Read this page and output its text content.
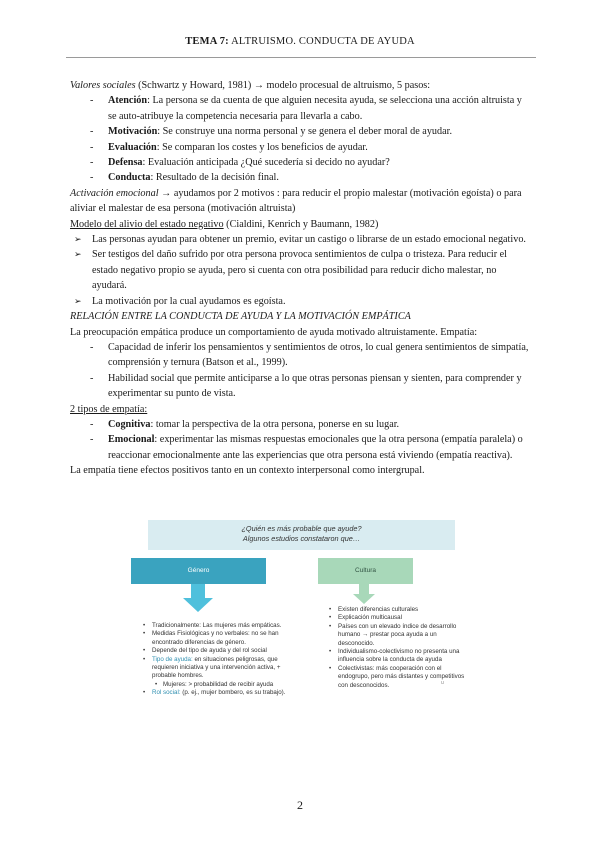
TEMA 7: ALTRUISMO. CONDUCTA DE AYUDA

Valores sociales (Schwartz y Howard, 1981) → modelo procesual de altruismo, 5 pasos:

- Atención: La persona se da cuenta de que alguien necesita ayuda, se selecciona una acción altruista y se auto-atribuye la competencia necesaria para llevarla a cabo.
- Motivación: Se construye una norma personal y se genera el deber moral de ayudar.
- Evaluación: Se comparan los costes y los beneficios de ayudar.
- Defensa: Evaluación anticipada ¿Qué sucedería si decido no ayudar?
- Conducta: Resultado de la decisión final.

Activación emocional → ayudamos por 2 motivos : para reducir el propio malestar (motivación egoísta) o para aliviar el malestar de esa persona (motivación altruista)

Modelo del alivio del estado negativo (Cialdini, Kenrich y Baumann, 1982)

➢ Las personas ayudan para obtener un premio, evitar un castigo o librarse de un estado emocional negativo.
➢ Ser testigos del daño sufrido por otra persona provoca sentimientos de culpa o tristeza. Para reducir el estado negativo propio se ayuda, pero si cuenta con otra posibilidad para reducir dicho malestar, no ayudará.
➢ La motivación por la cual ayudamos es egoísta.

RELACIÓN ENTRE LA CONDUCTA DE AYUDA Y LA MOTIVACIÓN EMPÁTICA

La preocupación empática produce un comportamiento de ayuda motivado altruistamente. Empatía:

- Capacidad de inferir los pensamientos y sentimientos de otros, lo cual genera sentimientos de simpatía, comprensión y ternura (Batson et al., 1999).
- Habilidad social que permite anticiparse a lo que otras personas piensan y sienten, para comprender y experimentar su punto de vista.

2 tipos de empatía:

- Cognitiva: tomar la perspectiva de la otra persona, ponerse en su lugar.
- Emocional: experimentar las mismas respuestas emocionales que la otra persona (empatía paralela) o reaccionar emocionalmente ante las experiencias que otra persona está viviendo (empatía reactiva).

La empatía tiene efectos positivos tanto en un contexto interpersonal como intergrupal.

¿Quién es más probable que ayude?
Algunos estudios constataron que…
Género	Cultura
• Tradicionalmente: Las mujeres más empáticas.
• Medidas Fisiológicas y no verbales: no se han encontrado diferencias de género.
• Depende del tipo de ayuda y del rol social
• Tipo de ayuda: en situaciones peligrosas, que requieren iniciativa y una intervención activa, + probable hombres.
• Mujeres: > probabilidad de recibir ayuda
• Rol social: (p. ej., mujer bombero, es su trabajo).
• Existen diferencias culturales
• Explicación multicausal
• Países con un elevado índice de desarrollo humano → prestar poca ayuda a un desconocido.
• Individualismo-colectivismo no presenta una influencia sobre la conducta de ayuda
• Colectivistas: más cooperación con el endogrupo, pero más distantes y competitivos con desconocidos.	u
2
